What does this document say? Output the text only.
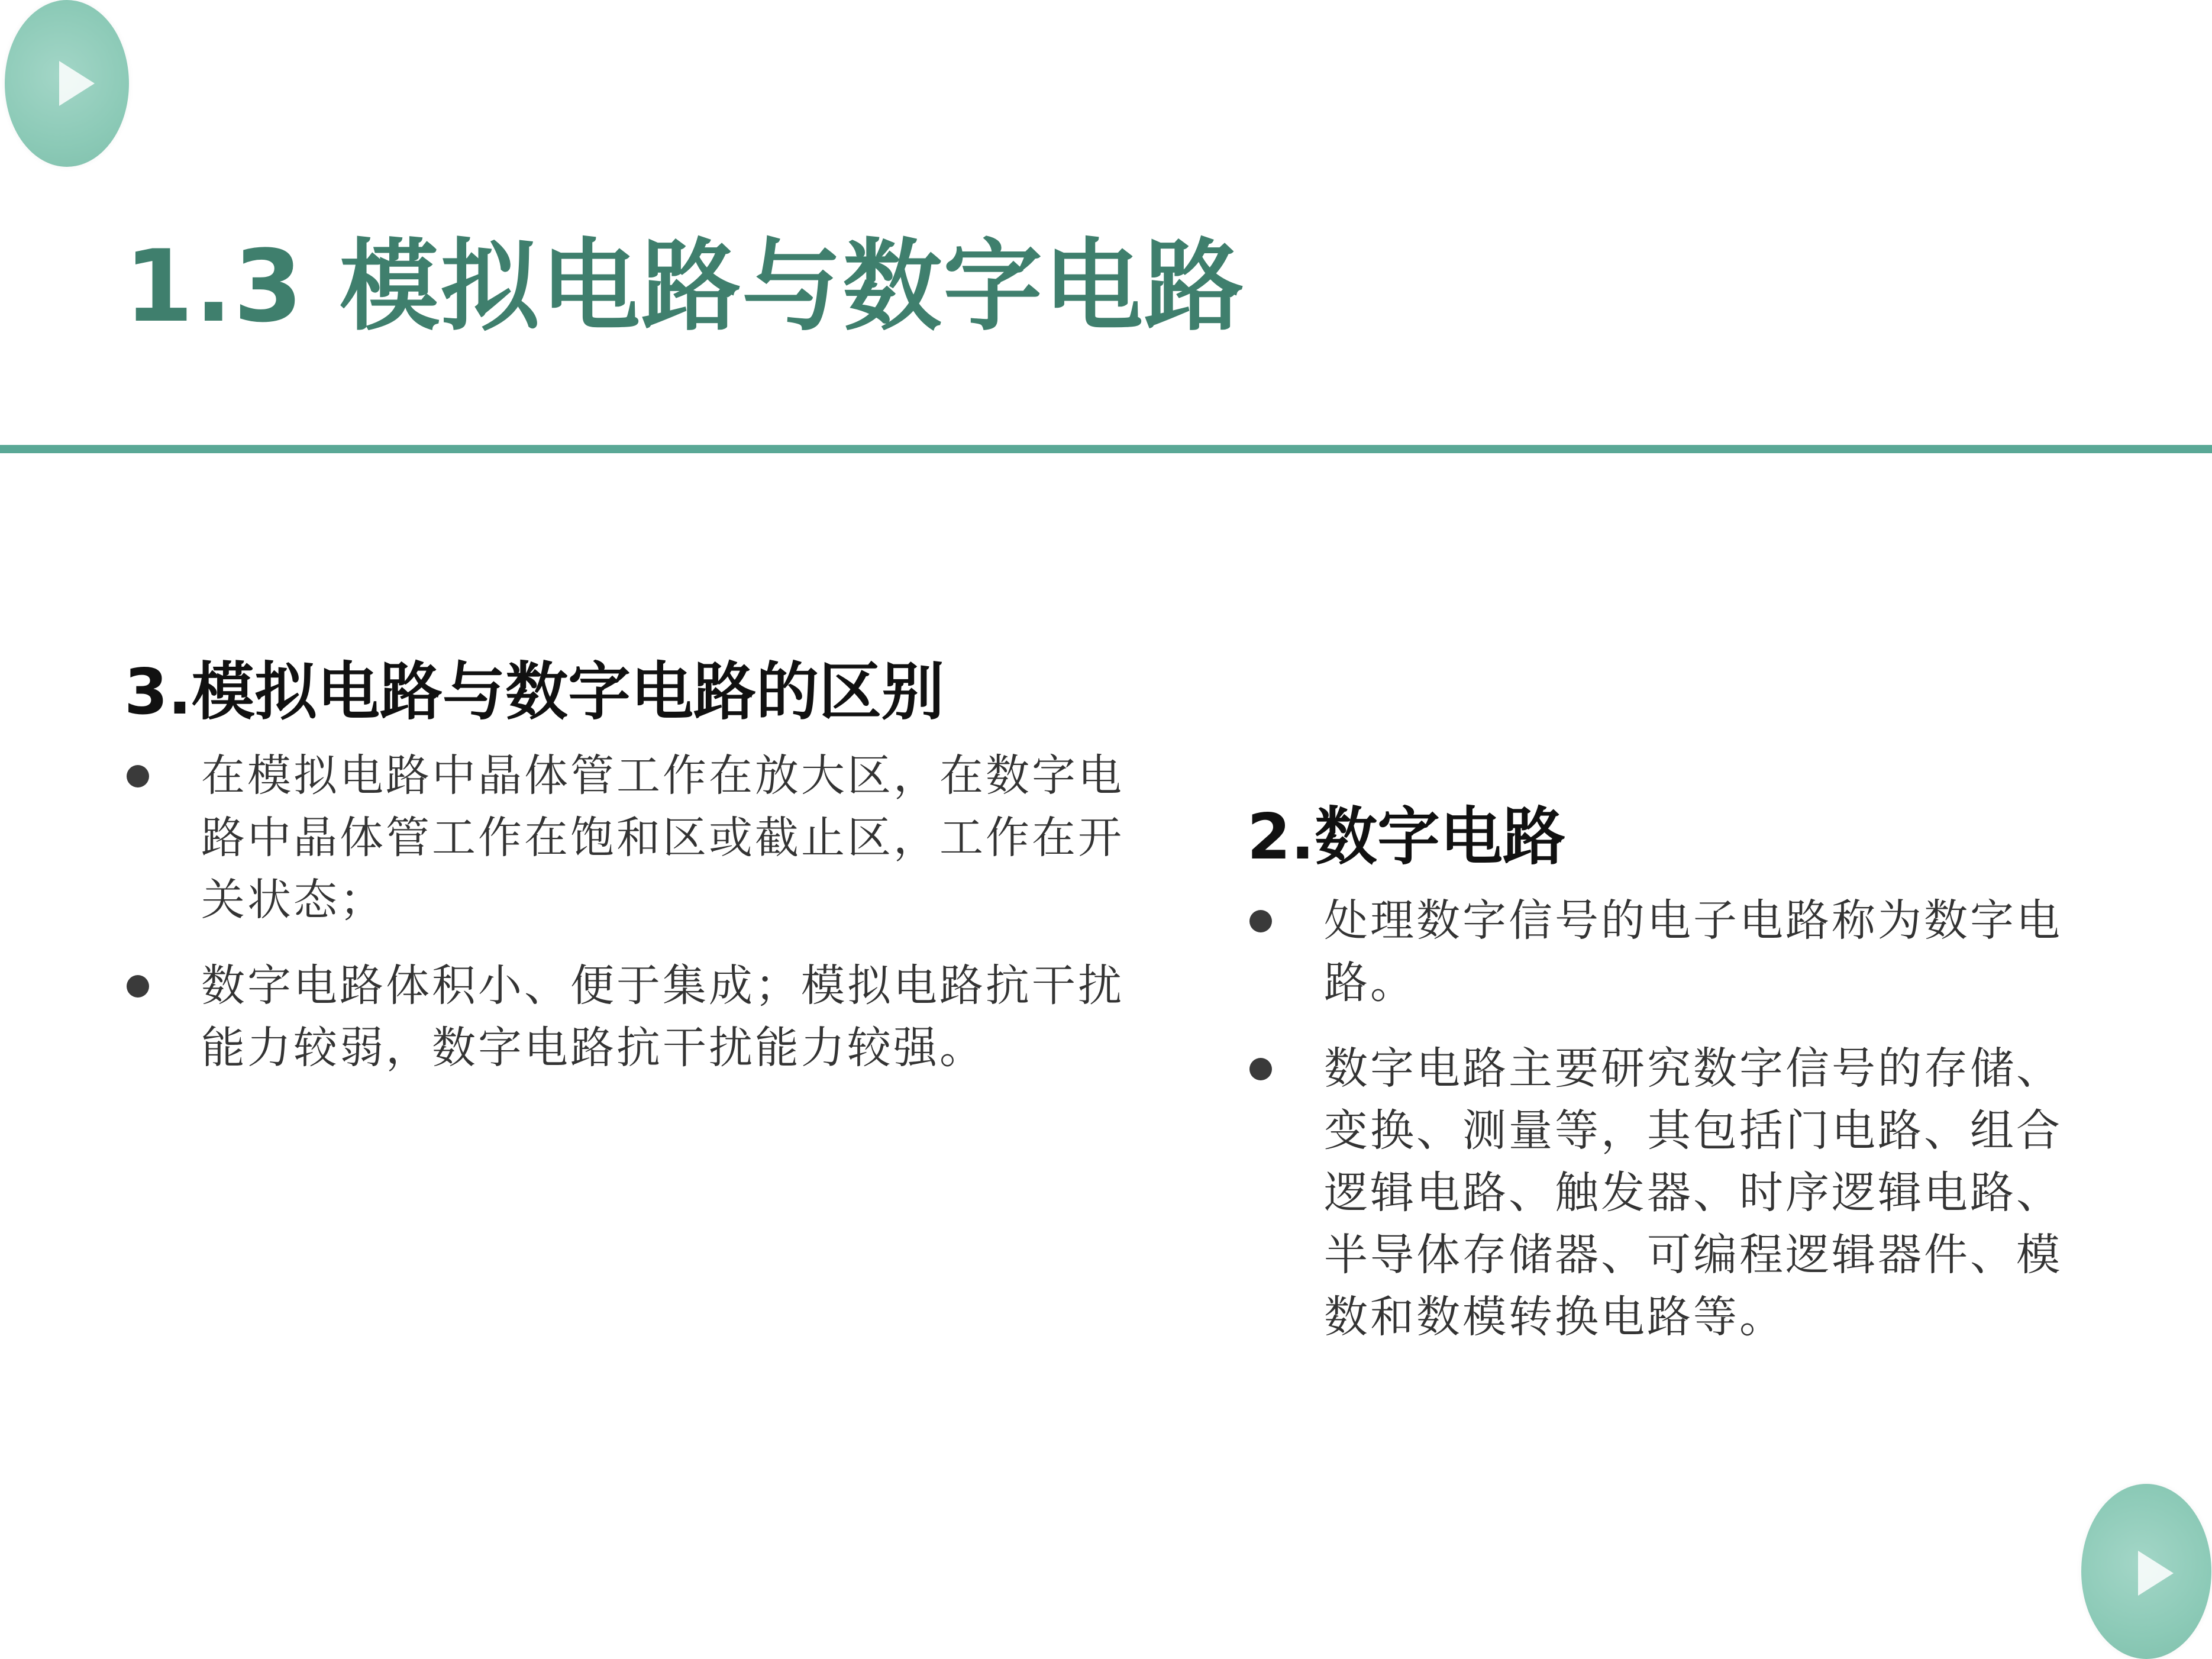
1.3 模拟电路与数字电路
3.模拟电路与数字电路的区别
在模拟电路中晶体管工作在放大区，在数字电路中晶体管工作在饱和区或截止区，工作在开关状态；
数字电路体积小、便于集成；模拟电路抗干扰能力较弱，数字电路抗干扰能力较强。
2.数字电路
处理数字信号的电子电路称为数字电路。
数字电路主要研究数字信号的存储、变换、测量等，其包括门电路、组合逻辑电路、触发器、时序逻辑电路、半导体存储器、可编程逻辑器件、模数和数模转换电路等。
